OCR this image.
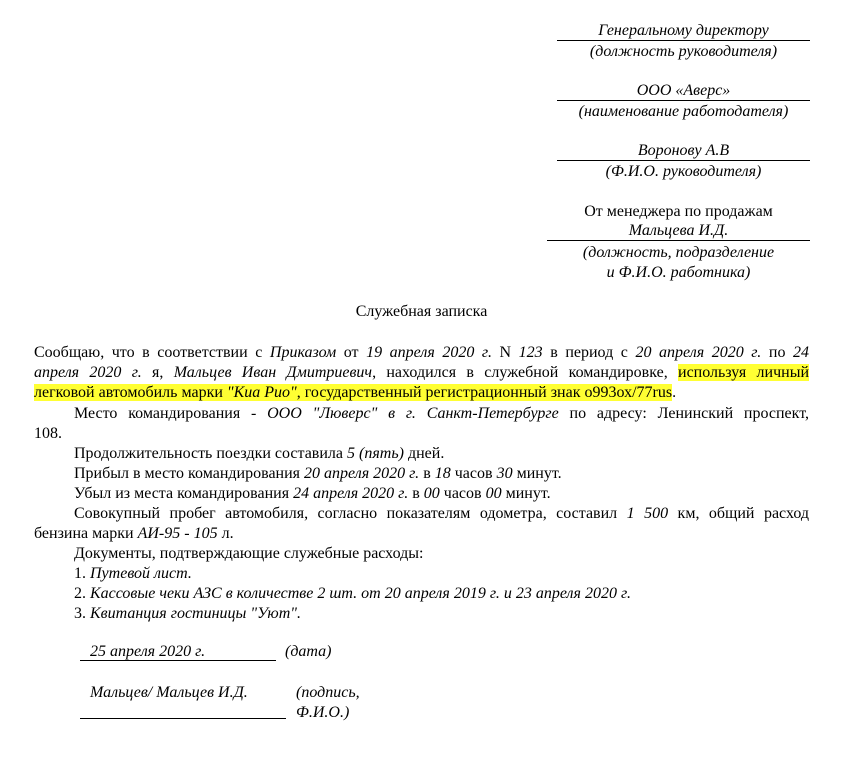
Генеральному директору
(должность руководителя)
ООО «Аверс»
(наименование работодателя)
Воронову А.В
(Ф.И.О. руководителя)
От менеджера по продажам
Мальцева И.Д.
(должность, подразделение
и Ф.И.О. работника)
Служебная записка
Сообщаю, что в соответствии с Приказом от 19 апреля 2020 г. N 123 в период с 20 апреля 2020 г. по 24
апреля 2020 г. я, Мальцев Иван Дмитриевич, находился в служебной командировке, используя личный
легковой автомобиль марки "Киа Рио", государственный регистрационный знак о993ох/77rus.
Место командирования - ООО "Люверс" в г. Санкт-Петербурге по адресу: Ленинский проспект,
108.
Продолжительность поездки составила 5 (пять) дней.
Прибыл в место командирования 20 апреля 2020 г. в 18 часов 30 минут.
Убыл из места командирования 24 апреля 2020 г. в 00 часов 00 минут.
Совокупный пробег автомобиля, согласно показателям одометра, составил 1 500 км, общий расход
бензина марки АИ-95 - 105 л.
Документы, подтверждающие служебные расходы:
1. Путевой лист.
2. Кассовые чеки АЗС в количестве 2 шт. от 20 апреля 2019 г. и 23 апреля 2020 г.
3. Квитанция гостиницы "Уют".
25 апреля 2020 г.	(дата)
Мальцев/ Мальцев И.Д.	(подпись,
Ф.И.О.)
